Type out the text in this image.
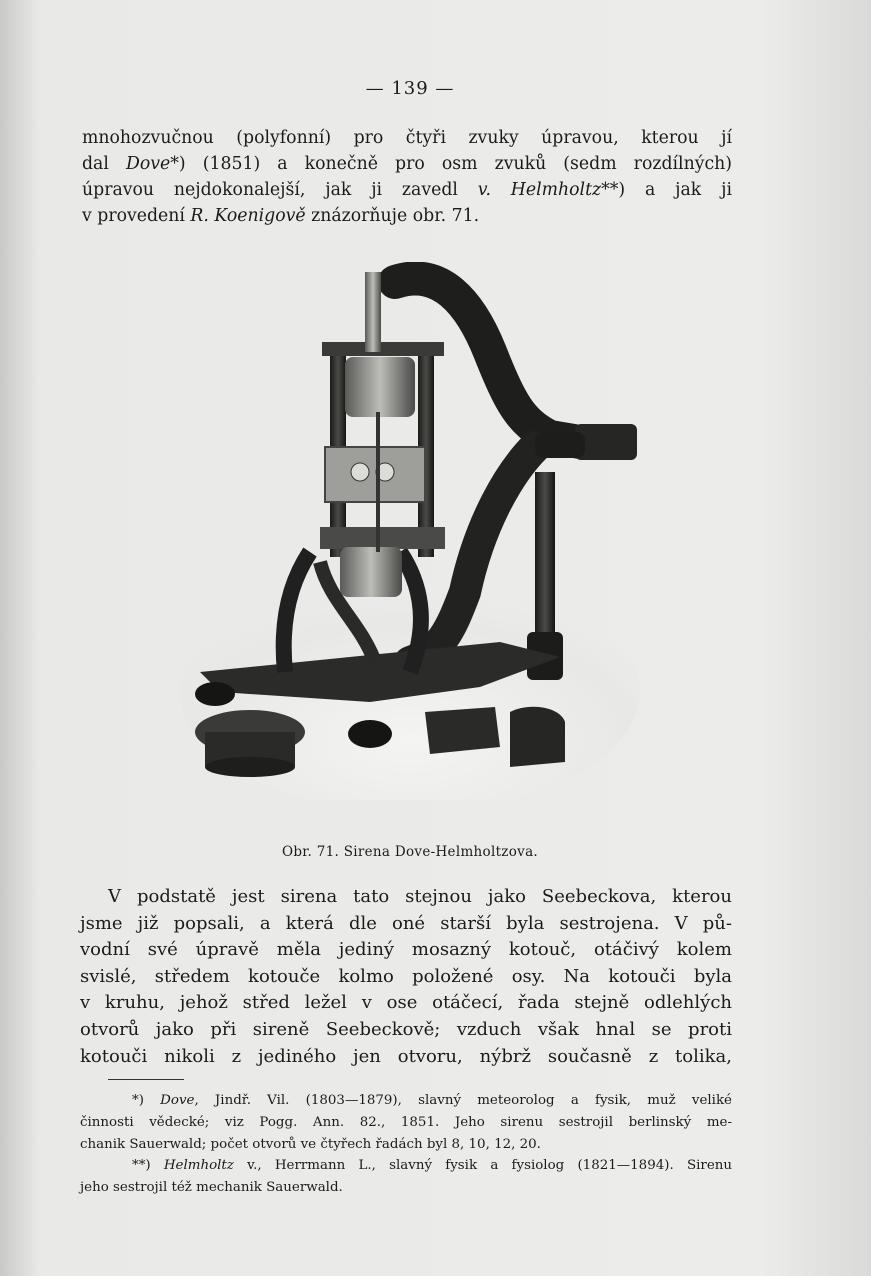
— 139 —
mnohozvučnou (polyfonní) pro čtyři zvuky úpravou, kterou jí
dal Dove*) (1851) a konečně pro osm zvuků (sedm rozdílných)
úpravou nejdokonalejší, jak ji zavedl v. Helmholtz**) a jak ji
v provedení R. Koenigově znázorňuje obr. 71.
Obr. 71. Sirena Dove-Helmholtzova.
V podstatě jest sirena tato stejnou jako Seebeckova, kterou
jsme již popsali, a která dle oné starší byla sestrojena. V pů-
vodní své úpravě měla jediný mosazný kotouč, otáčivý kolem
svislé, středem kotouče kolmo položené osy. Na kotouči byla
v kruhu, jehož střed ležel v ose otáčecí, řada stejně odlehlých
otvorů jako při sireně Seebeckově; vzduch však hnal se proti
kotouči nikoli z jediného jen otvoru, nýbrž současně z tolika,
*) Dove, Jindř. Vil. (1803—1879), slavný meteorolog a fysik, muž veliké
činnosti vědecké; viz Pogg. Ann. 82., 1851. Jeho sirenu sestrojil berlinský me-
chanik Sauerwald; počet otvorů ve čtyřech řadách byl 8, 10, 12, 20.
**) Helmholtz v., Herrmann L., slavný fysik a fysiolog (1821—1894). Sirenu
jeho sestrojil též mechanik Sauerwald.
